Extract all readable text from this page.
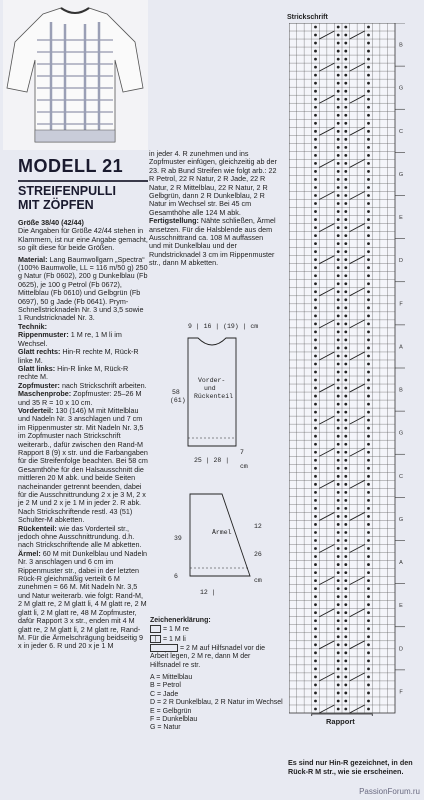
MODELL 21
STREIFENPULLI
MIT ZÖPFEN

Größe 38/40 (42/44)

Die Angaben für Größe 42/44 stehen in Klammern, ist nur eine Angabe gemacht, so gilt diese für beide Größen.

Material: Lang Baumwollgarn „Spectra“ (100% Baumwolle, LL = 116 m/50 g) 250 g Natur (Fb 0602), 200 g Dunkelblau (Fb 0625), je 100 g Petrol (Fb 0672), Mittelblau (Fb 0610) und Gelbgrün (Fb 0697), 50 g Jade (Fb 0641). Prym-Schnellstricknadeln Nr. 3 und 3,5 sowie 1 Rundstricknadel Nr. 3.

Technik:

Rippenmuster: 1 M re, 1 M li im Wechsel.

Glatt rechts: Hin-R rechte M, Rück-R linke M.

Glatt links: Hin-R linke M, Rück-R rechte M.

Zopfmuster: nach Strickschrift arbeiten.

Maschenprobe: Zopfmuster: 25–26 M und 35 R = 10 x 10 cm.

Vorderteil: 130 (146) M mit Mittelblau und Nadeln Nr. 3 anschlagen und 7 cm im Rippenmuster str. Mit Nadeln Nr. 3,5 im Zopfmuster nach Strickschrift weiterarb., dafür zwischen den Rand-M Rapport 8 (9) x str. und die Farbangaben für die Streifenfolge beachten. Bei 58 cm Gesamthöhe für den Halsausschnitt die mittleren 20 M abk. und beide Seiten nacheinander getrennt beenden, dabei für die Ausschnittrundung 2 x je 3 M, 2 x je 2 M und 2 x je 1 M in jeder 2. R abk. Nach Strickschriftende restl. 43 (51) Schulter-M abketten.

Rückenteil: wie das Vorderteil str., jedoch ohne Ausschnittrundung. d.h. nach Strickschriftende alle M abketten.

Ärmel: 60 M mit Dunkelblau und Nadeln Nr. 3 anschlagen und 6 cm im Rippenmuster str., dabei in der letzten Rück-R gleichmäßig verteilt 6 M zunehmen = 66 M. Mit Nadeln Nr. 3,5 und Natur weiterarb. wie folgt: Rand-M, 2 M glatt re, 2 M glatt li, 4 M glatt re, 2 M glatt li, 2 M glatt re, 48 M Zopfmuster, dafür Rapport 3 x str., enden mit 4 M glatt re, 2 M glatt li, 2 M glatt re, Rand-M. Für die Ärmelschrägung beidseitig 9 x in jeder 6. R und 20 x je 1 M

in jeder 4. R zunehmen und ins Zopfmuster einfügen, gleichzeitig ab der 23. R ab Bund Streifen wie folgt arb.: 22 R Petrol, 22 R Natur, 2 R Jade, 22 R Natur, 2 R Mittelblau, 22 R Natur, 2 R Gelbgrün, dann 2 R Dunkelblau, 2 R Natur im Wechsel str. Bei 45 cm Gesamthöhe alle 124 M abk.

Fertigstellung: Nähte schließen, Ärmel ansetzen. Für die Halsblende aus dem Ausschnittrand ca. 108 M auffassen und mit Dunkelblau und der Rundstricknadel 3 cm im Rippenmuster str., dann M abketten.

9 | 16 | (19) | cm
Vorder-
und
Rückenteil
58
(61)
7
25 | 28 |
cm
Ärmel
39
6
12 |
cm
12
26

Zeichenerklärung:

= 1 M re

| = 1 M li

= 2 M auf Hilfsnadel vor die Arbeit legen, 2 M re, dann M der Hilfsnadel re str.

A = Mittelblau

B = Petrol

C = Jade

D = 2 R Dunkelblau, 2 R Natur im Wechsel

E = Gelbgrün

F = Dunkelblau

G = Natur

Strickschrift
B
G
C
G
E
D
F
A
B
G
C
G
A
E
D
F
Rapport
Es sind nur Hin-R gezeichnet, in den Rück-R M str., wie sie erscheinen.
PassionForum.ru
